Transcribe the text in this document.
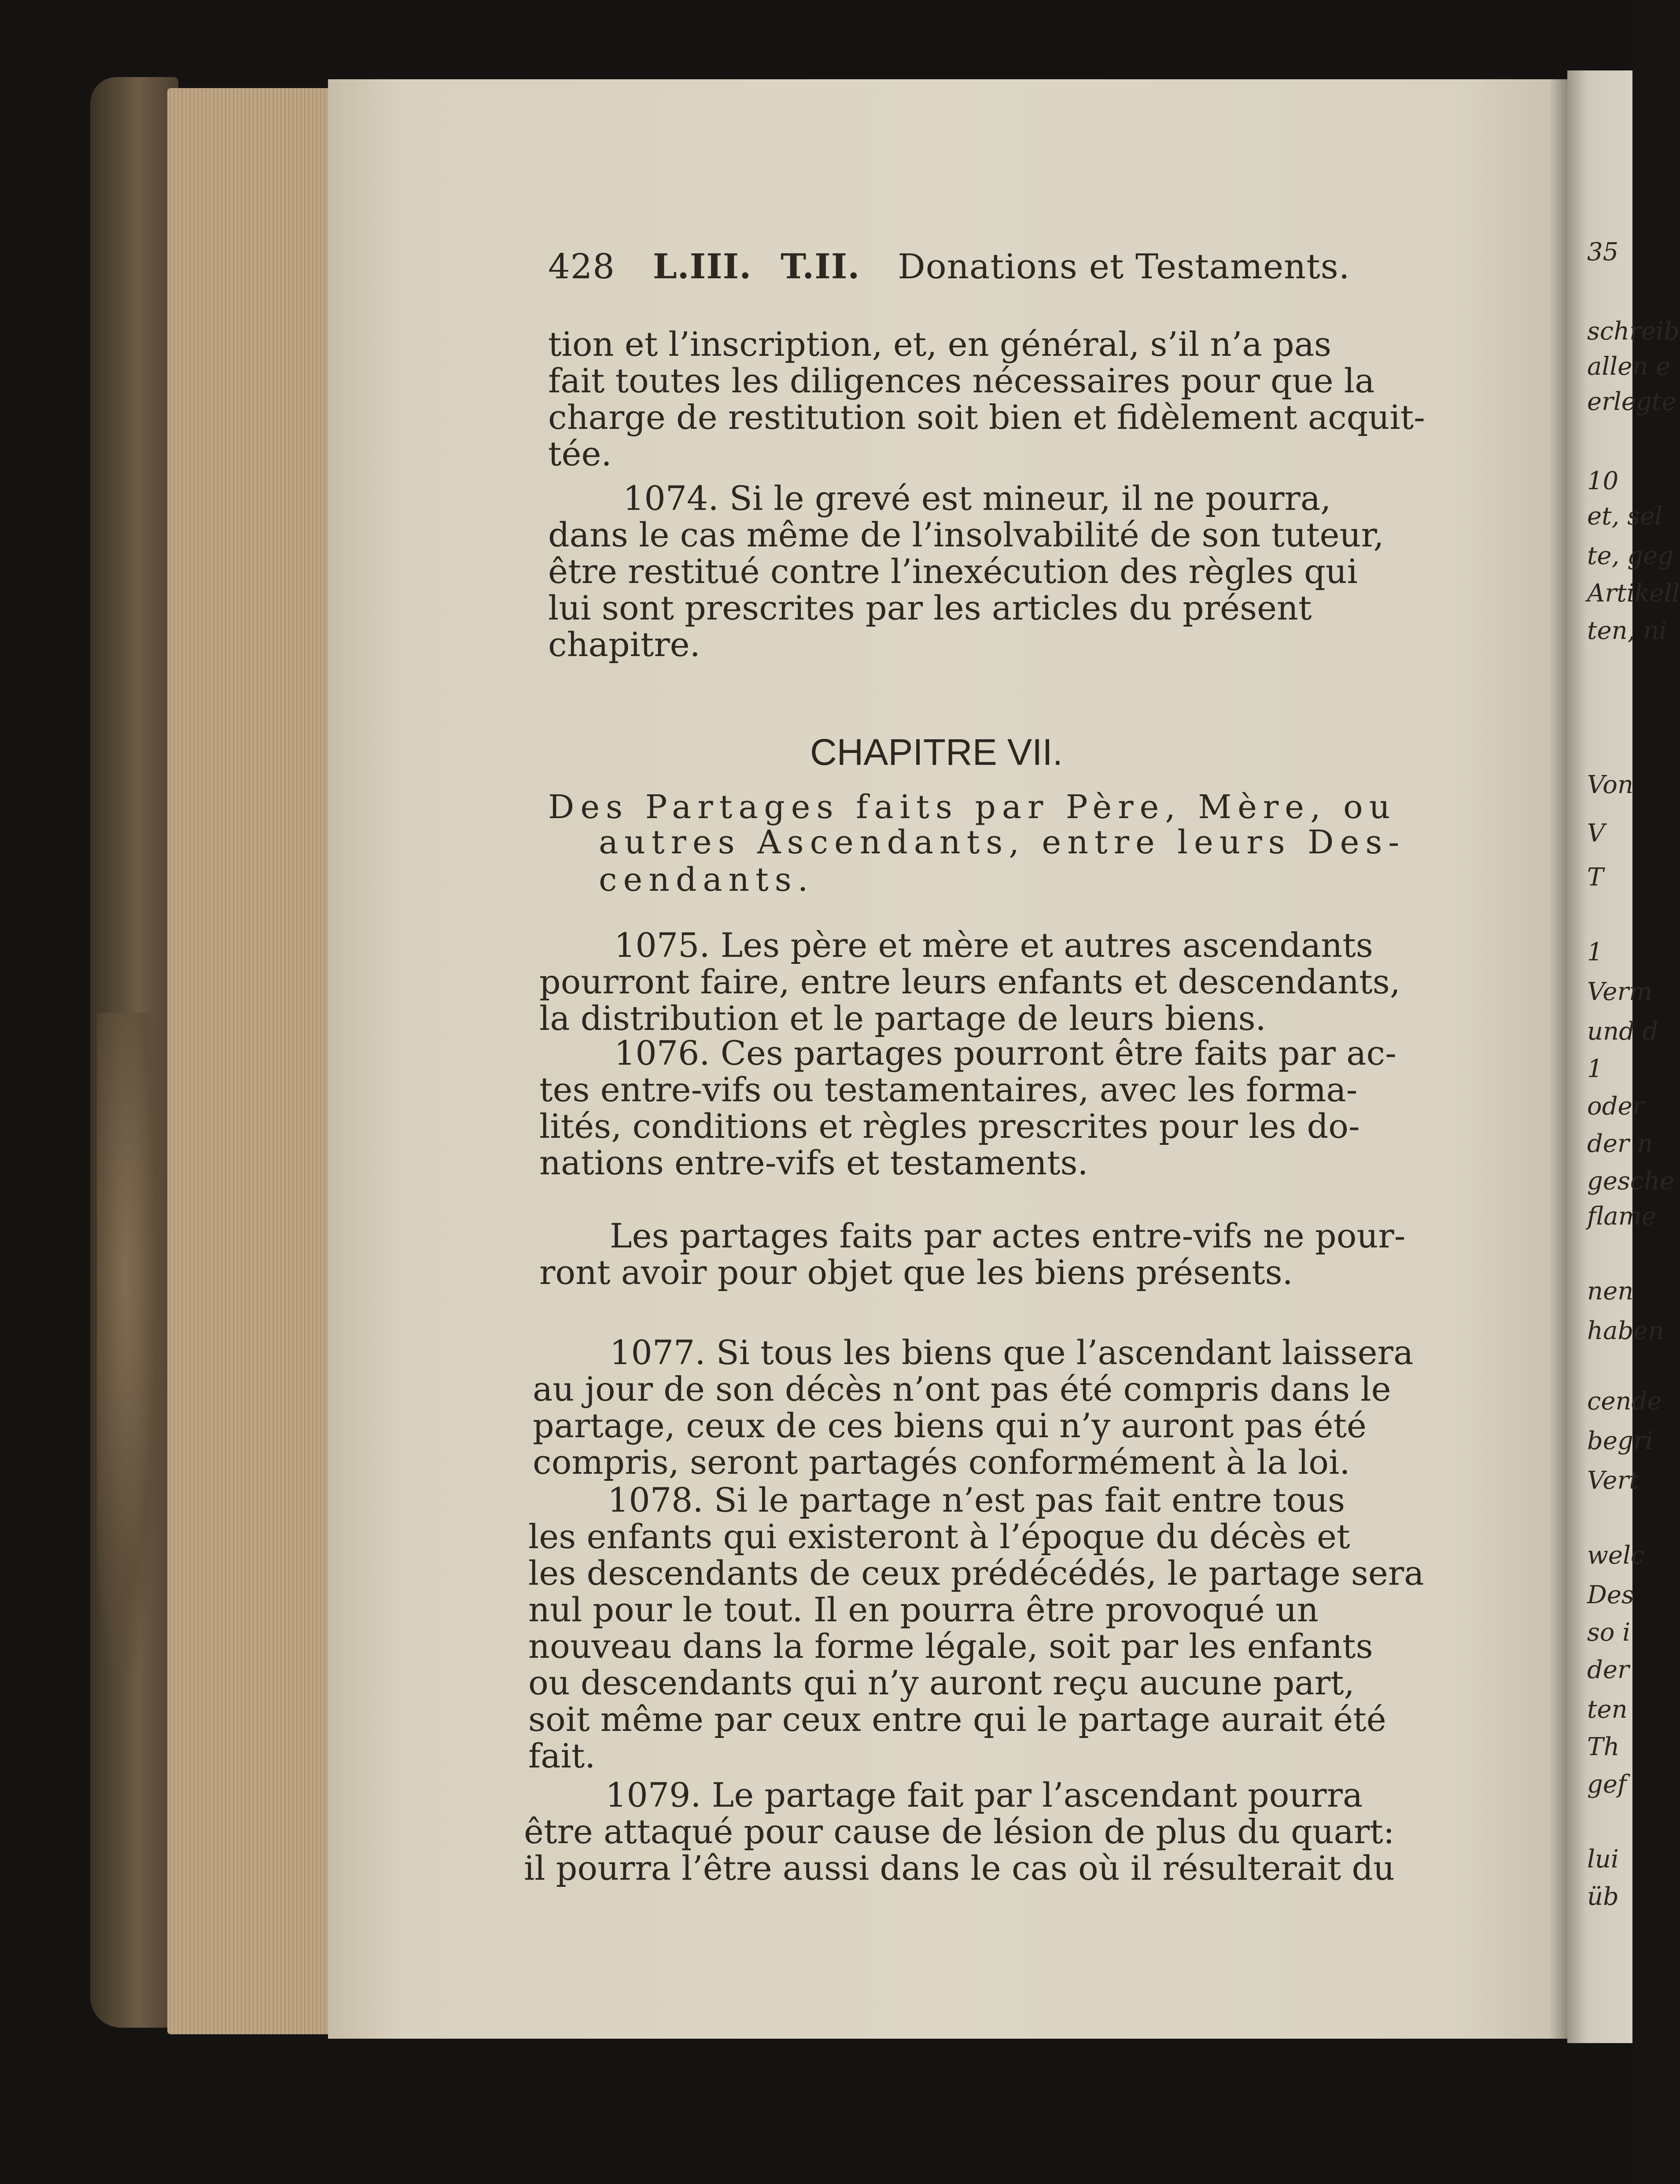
428 L.III. T.II. Donations et Testaments.
tion et l’inscription, et, en général, s’il n’a pas
fait toutes les diligences nécessaires pour que la
charge de restitution soit bien et fidèlement acquit-
tée.
1074. Si le grevé est mineur, il ne pourra,
dans le cas même de l’insolvabilité de son tuteur,
être restitué contre l’inexécution des règles qui
lui sont prescrites par les articles du présent
chapitre.
CHAPITRE VII.
Des Partages faits par Père, Mère, ou
autres Ascendants, entre leurs Des-
cendants.
1075. Les père et mère et autres ascendants
pourront faire, entre leurs enfants et descendants,
la distribution et le partage de leurs biens.
1076. Ces partages pourront être faits par ac-
tes entre-vifs ou testamentaires, avec les forma-
lités, conditions et règles prescrites pour les do-
nations entre-vifs et testaments.
Les partages faits par actes entre-vifs ne pour-
ront avoir pour objet que les biens présents.
1077. Si tous les biens que l’ascendant laissera
au jour de son décès n’ont pas été compris dans le
partage, ceux de ces biens qui n’y auront pas été
compris, seront partagés conformément à la loi.
1078. Si le partage n’est pas fait entre tous
les enfants qui existeront à l’époque du décès et
les descendants de ceux prédécédés, le partage sera
nul pour le tout. Il en pourra être provoqué un
nouveau dans la forme légale, soit par les enfants
ou descendants qui n’y auront reçu aucune part,
soit même par ceux entre qui le partage aurait été
fait.
1079. Le partage fait par l’ascendant pourra
être attaqué pour cause de lésion de plus du quart:
il pourra l’être aussi dans le cas où il résulterait du
35
schreib
allen e
erlegte
10
et, sel
te, geg
Artikell
ten, ni
Von
V
T
1
Verm
und d
1
oder
der n
gesche
flame
nen
haben
cende
begri
Vert
welc
Des
so i
der
ten
Th
gef
lui
üb
